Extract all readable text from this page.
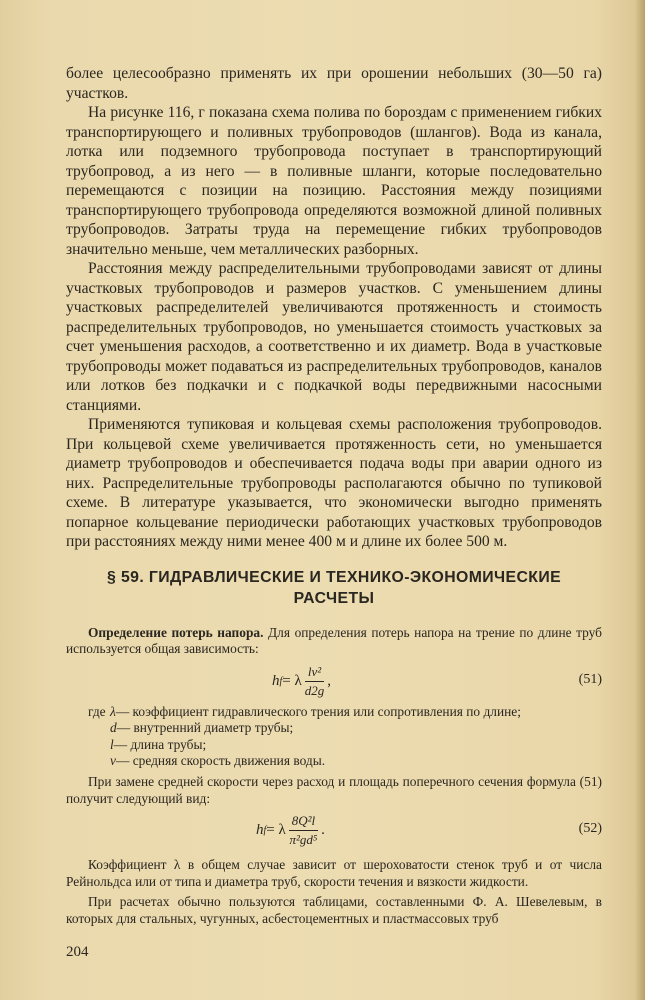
более целесообразно применять их при орошении небольших (30—50 га) участков.

На рисунке 116, г показана схема полива по бороздам с применением гибких транспортирующего и поливных трубопроводов (шлангов). Вода из канала, лотка или подземного трубопровода поступает в транспортирующий трубопровод, а из него — в поливные шланги, которые последовательно перемещаются с позиции на позицию. Расстояния между позициями транспортирующего трубопровода определяются возможной длиной поливных трубопроводов. Затраты труда на перемещение гибких трубопроводов значительно меньше, чем металлических разборных.

Расстояния между распределительными трубопроводами зависят от длины участковых трубопроводов и размеров участков. С уменьшением длины участковых распределителей увеличиваются протяженность и стоимость распределительных трубопроводов, но уменьшается стоимость участковых за счет уменьшения расходов, а соответственно и их диаметр. Вода в участковые трубопроводы может подаваться из распределительных трубопроводов, каналов или лотков без подкачки и с подкачкой воды передвижными насосными станциями.

Применяются тупиковая и кольцевая схемы расположения трубопроводов. При кольцевой схеме увеличивается протяженность сети, но уменьшается диаметр трубопроводов и обеспечивается подача воды при аварии одного из них. Распределительные трубопроводы располагаются обычно по тупиковой схеме. В литературе указывается, что экономически выгодно применять попарное кольцевание периодически работающих участковых трубопроводов при расстояниях между ними менее 400 м и длине их более 500 м.

§ 59. ГИДРАВЛИЧЕСКИЕ И ТЕХНИКО-ЭКОНОМИЧЕСКИЕ
РАСЧЕТЫ

Определение потерь напора. Для определения потерь напора на трение по длине труб используется общая зависимость:

h f = λ $\frac{\text{lv²}}{d2g}$ ,	(51)
где λ— коэффициент гидравлического трения или сопротивления по длине;
d— внутренний диаметр трубы;
l— длина трубы;
v— средняя скорость движения воды.

При замене средней скорости через расход и площадь поперечного сечения формула (51) получит следующий вид:

h f = λ $\frac{\text{8Q²l}}{\text{π²gd⁵}}$ .	(52)

Коэффициент λ в общем случае зависит от шероховатости стенок труб и от числа Рейнольдса или от типа и диаметра труб, скорости течения и вязкости жидкости.

При расчетах обычно пользуются таблицами, составленными Ф. А. Шевелевым, в которых для стальных, чугунных, асбестоцементных и пластмассовых труб

204
